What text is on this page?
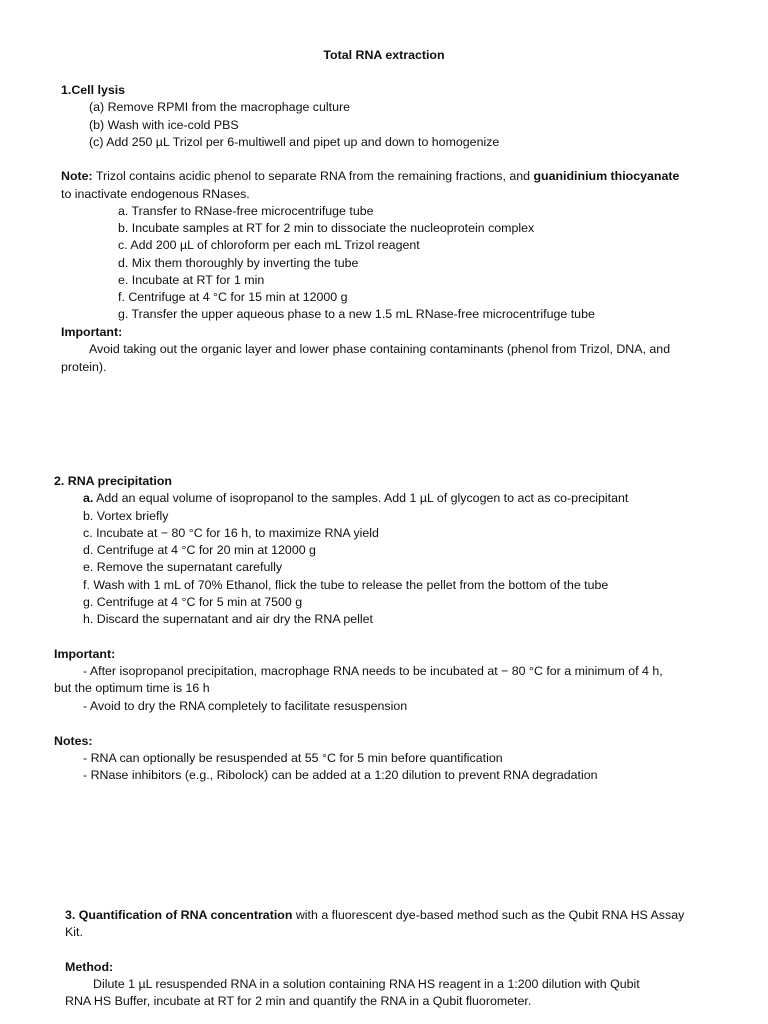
Total RNA extraction
1.Cell lysis
(a) Remove RPMI from the macrophage culture
(b) Wash with ice-cold PBS
(c) Add 250 µL Trizol per 6-multiwell and pipet up and down to homogenize
Note: Trizol contains acidic phenol to separate RNA from the remaining fractions, and guanidinium thiocyanate
to inactivate endogenous RNases.
a. Transfer to RNase-free microcentrifuge tube
b. Incubate samples at RT for 2 min to dissociate the nucleoprotein complex
c. Add 200 µL of chloroform per each mL Trizol reagent
d. Mix them thoroughly by inverting the tube
e. Incubate at RT for 1 min
f. Centrifuge at 4 °C for 15 min at 12000 g
g. Transfer the upper aqueous phase to a new 1.5 mL RNase-free microcentrifuge tube
Important:
Avoid taking out the organic layer and lower phase containing contaminants (phenol from Trizol, DNA, and
protein).
2. RNA precipitation
a. Add an equal volume of isopropanol to the samples. Add 1 µL of glycogen to act as co-precipitant
b. Vortex briefly
c. Incubate at − 80 °C for 16 h, to maximize RNA yield
d. Centrifuge at 4 °C for 20 min at 12000 g
e. Remove the supernatant carefully
f. Wash with 1 mL of 70% Ethanol, flick the tube to release the pellet from the bottom of the tube
g. Centrifuge at 4 °C for 5 min at 7500 g
h. Discard the supernatant and air dry the RNA pellet
Important:
- After isopropanol precipitation, macrophage RNA needs to be incubated at − 80 °C for a minimum of 4 h,
but the optimum time is 16 h
- Avoid to dry the RNA completely to facilitate resuspension
Notes:
- RNA can optionally be resuspended at 55 °C for 5 min before quantification
- RNase inhibitors (e.g., Ribolock) can be added at a 1:20 dilution to prevent RNA degradation
3. Quantification of RNA concentration with a fluorescent dye-based method such as the Qubit RNA HS Assay
Kit.
Method:
Dilute 1 µL resuspended RNA in a solution containing RNA HS reagent in a 1:200 dilution with Qubit
RNA HS Buffer, incubate at RT for 2 min and quantify the RNA in a Qubit fluorometer.
